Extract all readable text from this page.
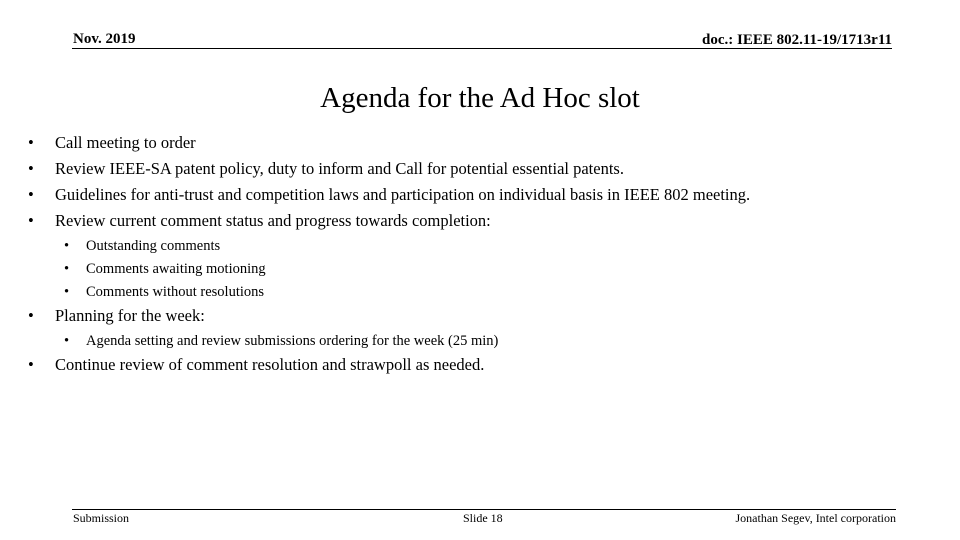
Nov. 2019	doc.: IEEE 802.11-19/1713r11
Agenda for the Ad Hoc slot
• Call meeting to order
• Review IEEE-SA patent policy, duty to inform and Call for potential essential patents.
• Guidelines for anti-trust and competition laws and participation on individual basis in IEEE 802 meeting.
• Review current comment status and progress towards completion:
• Outstanding comments
• Comments awaiting motioning
• Comments without resolutions
• Planning for the week:
• Agenda setting and review submissions ordering for the week (25 min)
• Continue review of comment resolution and strawpoll as needed.
Submission	Slide 18	Jonathan Segev, Intel corporation
